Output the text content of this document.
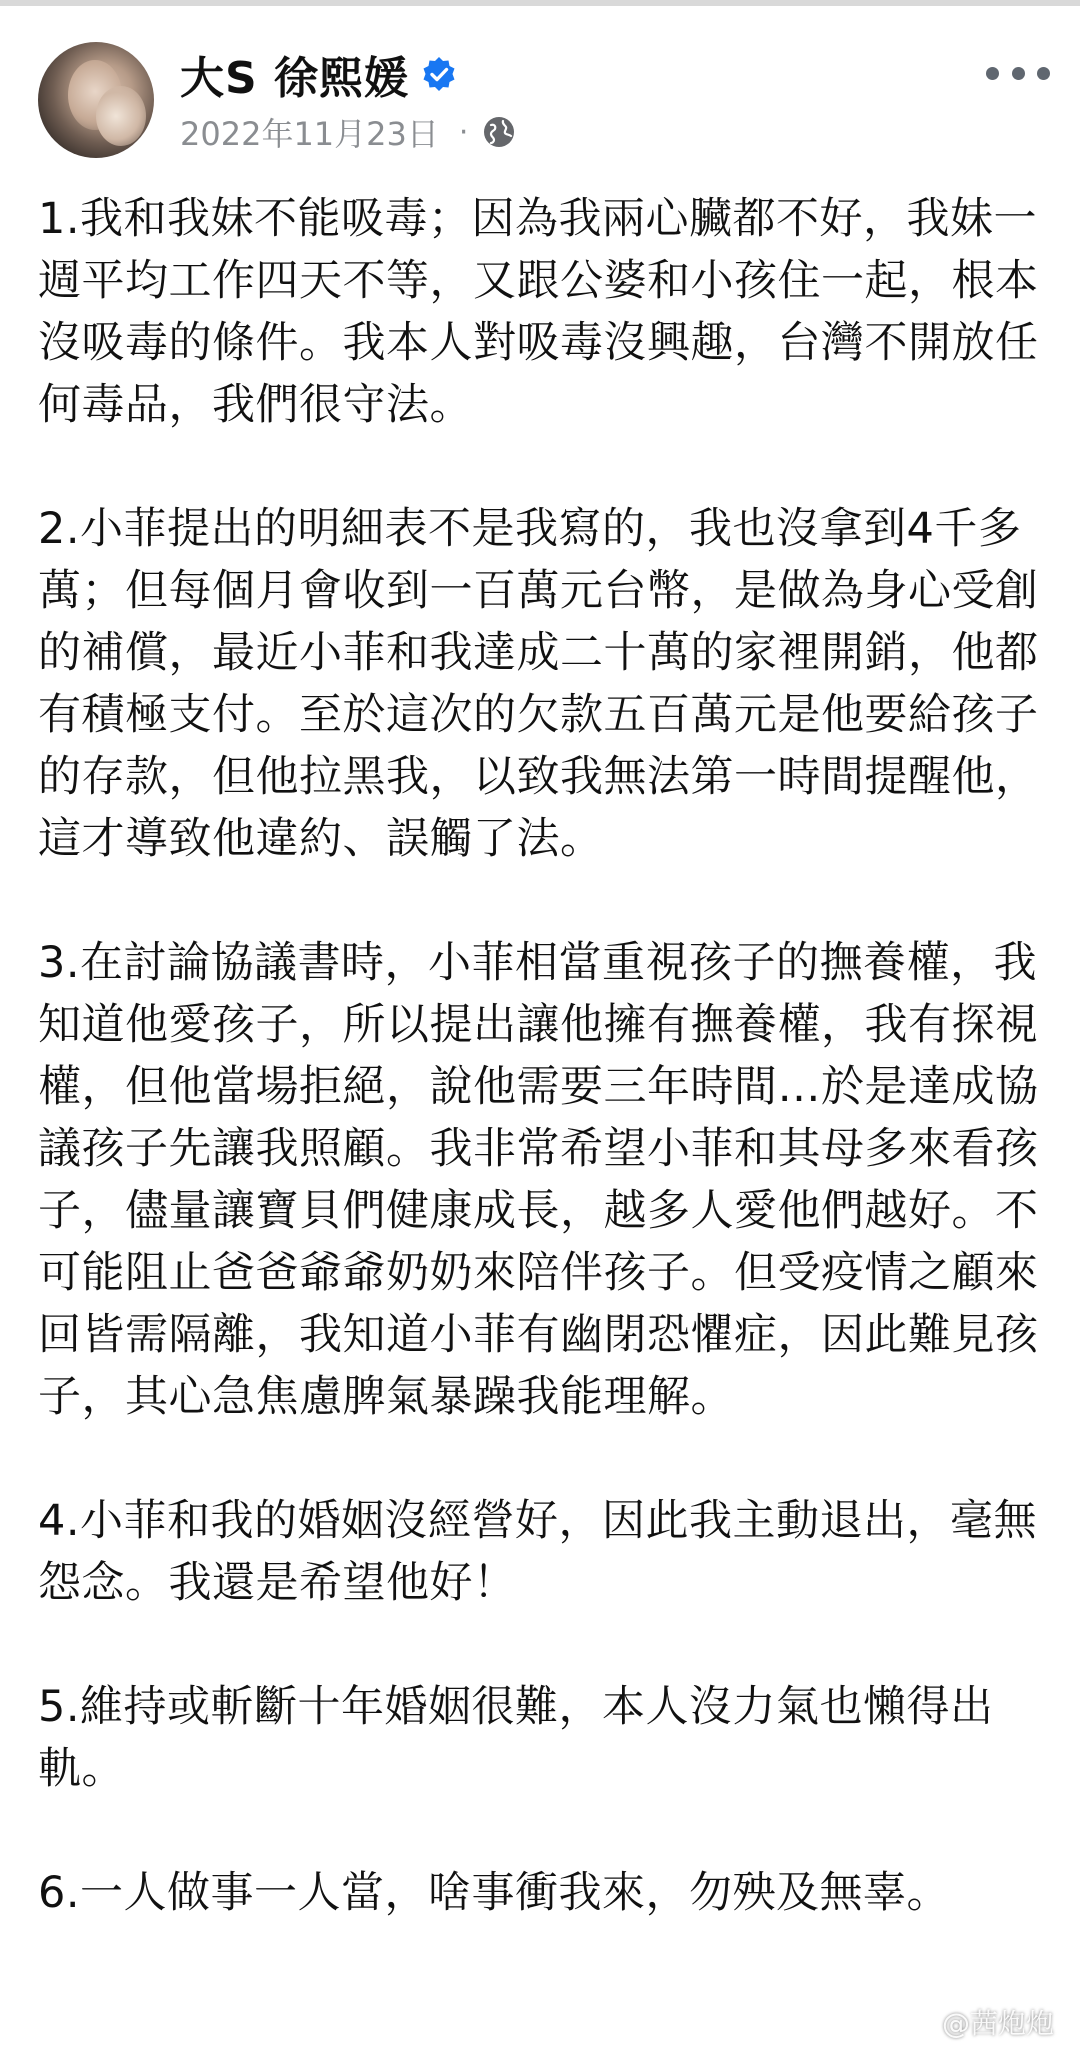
大S 徐熙媛
2022年11月23日 ·

1.我和我妹不能吸毒；因為我兩心臟都不好，我妹一週平均工作四天不等，又跟公婆和小孩住一起，根本沒吸毒的條件。我本人對吸毒沒興趣，台灣不開放任何毒品，我們很守法。

2.小菲提出的明細表不是我寫的，我也沒拿到4千多萬；但每個月會收到一百萬元台幣，是做為身心受創的補償，最近小菲和我達成二十萬的家裡開銷，他都有積極支付。至於這次的欠款五百萬元是他要給孩子的存款，但他拉黑我，以致我無法第一時間提醒他，這才導致他違約、誤觸了法。

3.在討論協議書時，小菲相當重視孩子的撫養權，我知道他愛孩子，所以提出讓他擁有撫養權，我有探視權，但他當場拒絕，說他需要三年時間…於是達成協議孩子先讓我照顧。我非常希望小菲和其母多來看孩子，儘量讓寶貝們健康成長，越多人愛他們越好。不可能阻止爸爸爺爺奶奶來陪伴孩子。但受疫情之顧來回皆需隔離，我知道小菲有幽閉恐懼症，因此難見孩子，其心急焦慮脾氣暴躁我能理解。

4.小菲和我的婚姻沒經營好，因此我主動退出，毫無怨念。我還是希望他好！

5.維持或斬斷十年婚姻很難，本人沒力氣也懶得出軌。

6.一人做事一人當，啥事衝我來，勿殃及無辜。

@茜炮炮
